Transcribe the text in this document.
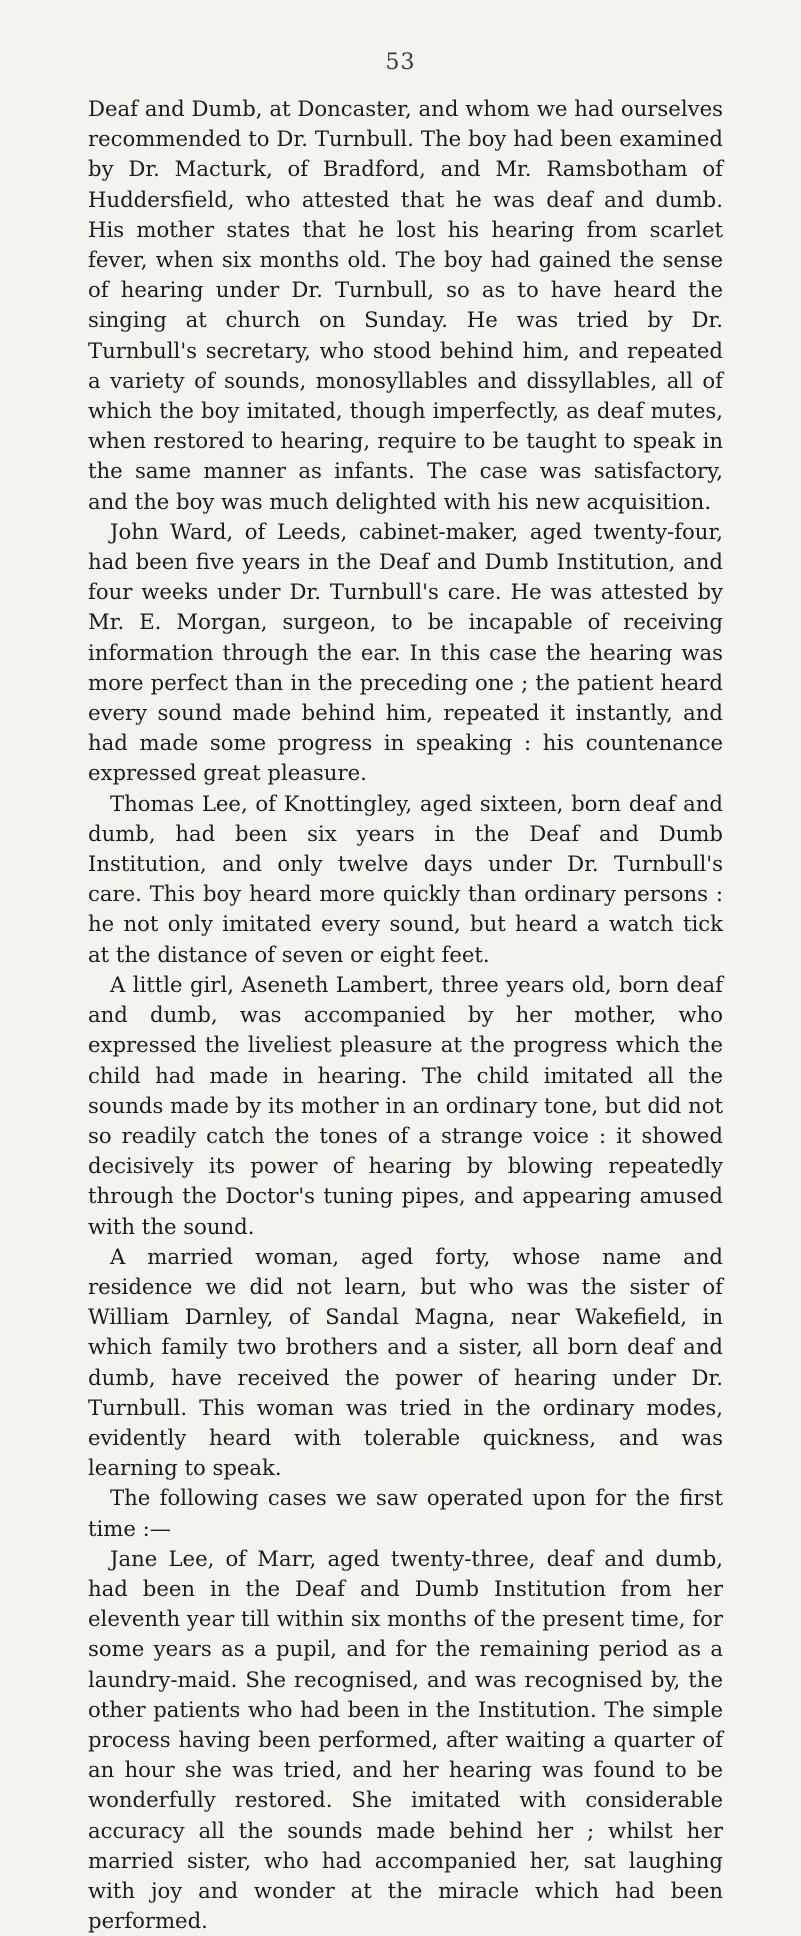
53

Deaf and Dumb, at Doncaster, and whom we had ourselves recommended to Dr. Turnbull. The boy had been examined by Dr. Macturk, of Bradford, and Mr. Ramsbotham of Huddersfield, who attested that he was deaf and dumb. His mother states that he lost his hearing from scarlet fever, when six months old. The boy had gained the sense of hearing under Dr. Turnbull, so as to have heard the singing at church on Sunday. He was tried by Dr. Turnbull's secretary, who stood behind him, and repeated a variety of sounds, monosyllables and dissyllables, all of which the boy imitated, though imperfectly, as deaf mutes, when restored to hearing, require to be taught to speak in the same manner as infants. The case was satisfactory, and the boy was much delighted with his new acquisition.

John Ward, of Leeds, cabinet-maker, aged twenty-four, had been five years in the Deaf and Dumb Institution, and four weeks under Dr. Turnbull's care. He was attested by Mr. E. Morgan, surgeon, to be incapable of receiving information through the ear. In this case the hearing was more perfect than in the preceding one ; the patient heard every sound made behind him, repeated it instantly, and had made some progress in speaking : his countenance expressed great pleasure.

Thomas Lee, of Knottingley, aged sixteen, born deaf and dumb, had been six years in the Deaf and Dumb Institution, and only twelve days under Dr. Turnbull's care. This boy heard more quickly than ordinary persons : he not only imitated every sound, but heard a watch tick at the distance of seven or eight feet.

A little girl, Aseneth Lambert, three years old, born deaf and dumb, was accompanied by her mother, who expressed the liveliest pleasure at the progress which the child had made in hearing. The child imitated all the sounds made by its mother in an ordinary tone, but did not so readily catch the tones of a strange voice : it showed decisively its power of hearing by blowing repeatedly through the Doctor's tuning pipes, and appearing amused with the sound.

A married woman, aged forty, whose name and residence we did not learn, but who was the sister of William Darnley, of Sandal Magna, near Wakefield, in which family two brothers and a sister, all born deaf and dumb, have received the power of hearing under Dr. Turnbull. This woman was tried in the ordinary modes, evidently heard with tolerable quickness, and was learning to speak.

The following cases we saw operated upon for the first time :—

Jane Lee, of Marr, aged twenty-three, deaf and dumb, had been in the Deaf and Dumb Institution from her eleventh year till within six months of the present time, for some years as a pupil, and for the remaining period as a laundry-maid. She recognised, and was recognised by, the other patients who had been in the Institution. The simple process having been performed, after waiting a quarter of an hour she was tried, and her hearing was found to be wonderfully restored. She imitated with considerable accuracy all the sounds made behind her ; whilst her married sister, who had accompanied her, sat laughing with joy and wonder at the miracle which had been performed.
